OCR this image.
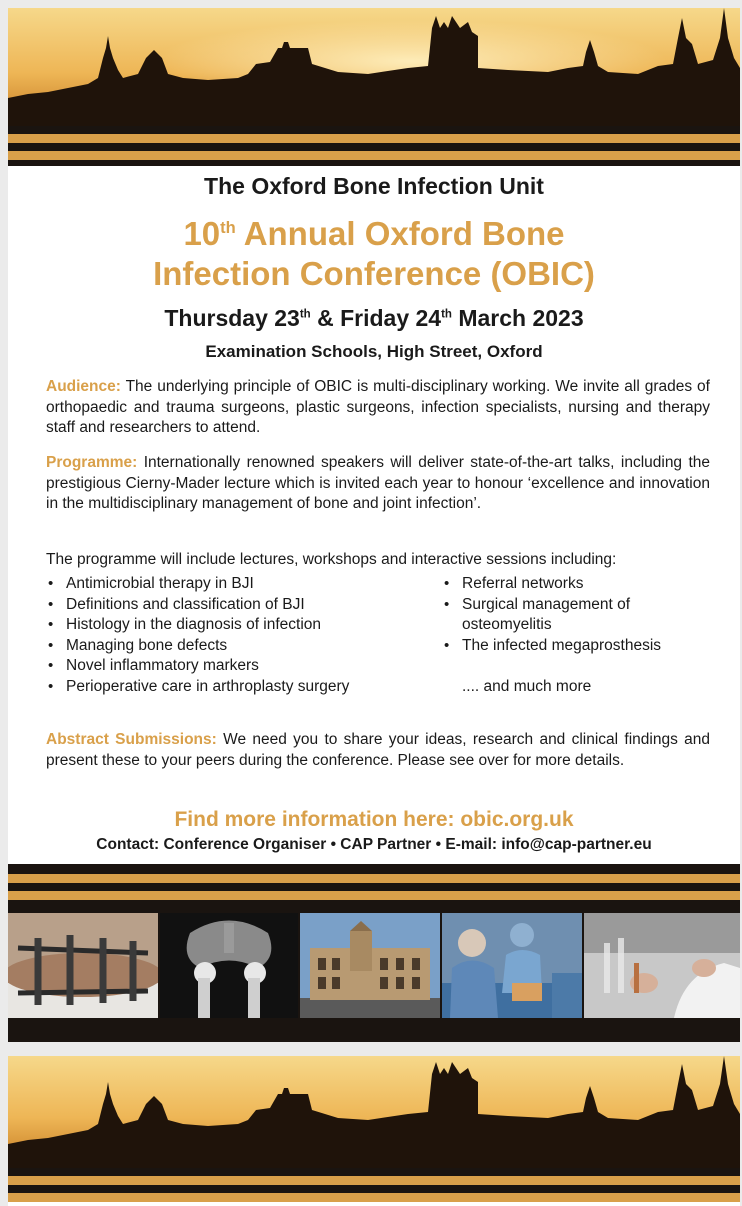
The Oxford Bone Infection Unit
10th Annual Oxford Bone
Infection Conference (OBIC)
Thursday 23th & Friday 24th March 2023
Examination Schools, High Street, Oxford
Audience: The underlying principle of OBIC is multi-disciplinary working. We invite all grades of orthopaedic and trauma surgeons, plastic surgeons, infection specialists, nursing and therapy staff and researchers to attend.
Programme: Internationally renowned speakers will deliver state-of-the-art talks, including the prestigious Cierny-Mader lecture which is invited each year to honour ‘excellence and innovation in the multidisciplinary management of bone and joint infection’.
The programme will include lectures, workshops and interactive sessions including:
• Antimicrobial therapy in BJI
• Definitions and classification of BJI
• Histology in the diagnosis of infection
• Managing bone defects
• Novel inflammatory markers
• Perioperative care in arthroplasty surgery
• Referral networks
• Surgical management of osteomyelitis
• The infected megaprosthesis
.... and much more
Abstract Submissions: We need you to share your ideas, research and clinical findings and present these to your peers during the conference. Please see over for more details.
Find more information here: obic.org.uk
Contact: Conference Organiser • CAP Partner • E-mail: info@cap-partner.eu
